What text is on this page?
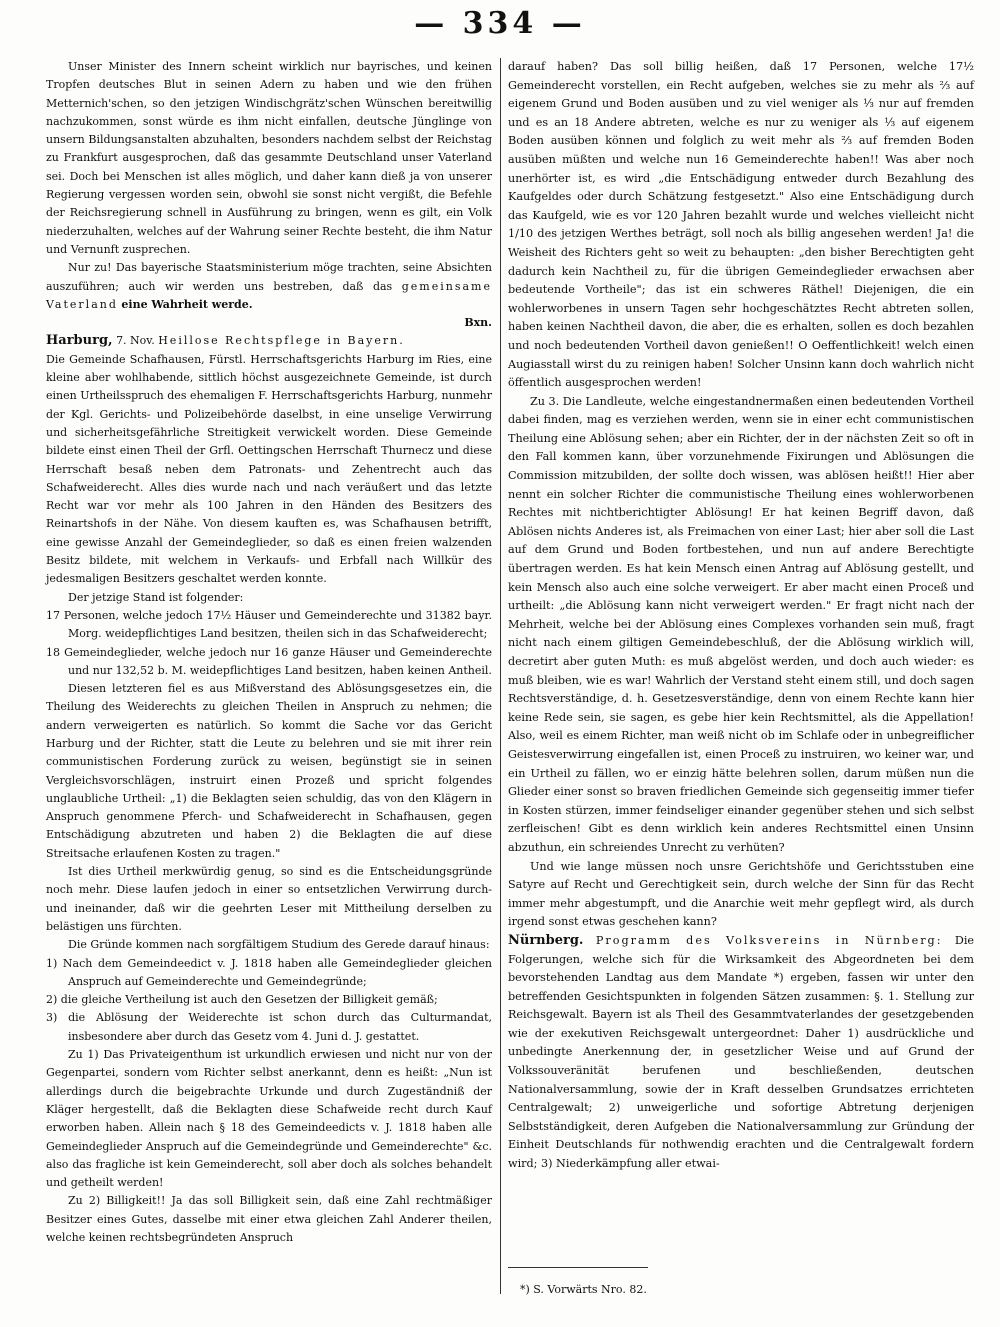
— 334 —

Unser Minister des Innern scheint wirklich nur bayrisches, und keinen Tropfen deutsches Blut in seinen Adern zu haben und wie den frühen Metternich'schen, so den jetzigen Windischgrätz'schen Wünschen bereitwillig nachzukommen, sonst würde es ihm nicht einfallen, deutsche Jünglinge von unsern Bildungsanstalten abzuhalten, besonders nachdem selbst der Reichstag zu Frankfurt ausgesprochen, daß das gesammte Deutschland unser Vaterland sei. Doch bei Menschen ist alles möglich, und daher kann dieß ja von unserer Regierung vergessen worden sein, obwohl sie sonst nicht vergißt, die Befehle der Reichsregierung schnell in Ausführung zu bringen, wenn es gilt, ein Volk niederzuhalten, welches auf der Wahrung seiner Rechte besteht, die ihm Natur und Vernunft zusprechen.

Nur zu! Das bayerische Staatsministerium möge trachten, seine Absichten auszuführen; auch wir werden uns bestreben, daß das gemeinsame Vaterland eine Wahrheit werde.

Bxn.

Harburg, 7. Nov. Heillose Rechtspflege in Bayern.

Die Gemeinde Schafhausen, Fürstl. Herrschaftsgerichts Harburg im Ries, eine kleine aber wohlhabende, sittlich höchst ausgezeichnete Gemeinde, ist durch einen Urtheilsspruch des ehemaligen F. Herrschaftsgerichts Harburg, nunmehr der Kgl. Gerichts- und Polizeibehörde daselbst, in eine unselige Verwirrung und sicherheitsgefährliche Streitigkeit verwickelt worden. Diese Gemeinde bildete einst einen Theil der Grfl. Oettingschen Herrschaft Thurnecz und diese Herrschaft besaß neben dem Patronats- und Zehentrecht auch das Schafweiderecht. Alles dies wurde nach und nach veräußert und das letzte Recht war vor mehr als 100 Jahren in den Händen des Besitzers des Reinartshofs in der Nähe. Von diesem kauften es, was Schafhausen betrifft, eine gewisse Anzahl der Gemeindeglieder, so daß es einen freien walzenden Besitz bildete, mit welchem in Verkaufs- und Erbfall nach Willkür des jedesmaligen Besitzers geschaltet werden konnte.

Der jetzige Stand ist folgender:

17 Personen, welche jedoch 17½ Häuser und Gemeinderechte und 31382 bayr. Morg. weidepflichtiges Land besitzen, theilen sich in das Schafweiderecht;

18 Gemeindeglieder, welche jedoch nur 16 ganze Häuser und Gemeinderechte und nur 132,52 b. M. weidepflichtiges Land besitzen, haben keinen Antheil.

Diesen letzteren fiel es aus Mißverstand des Ablösungsgesetzes ein, die Theilung des Weiderechts zu gleichen Theilen in Anspruch zu nehmen; die andern verweigerten es natürlich. So kommt die Sache vor das Gericht Harburg und der Richter, statt die Leute zu belehren und sie mit ihrer rein communistischen Forderung zurück zu weisen, begünstigt sie in seinen Vergleichsvorschlägen, instruirt einen Prozeß und spricht folgendes unglaubliche Urtheil: „1) die Beklagten seien schuldig, das von den Klägern in Anspruch genommene Pferch- und Schafweiderecht in Schafhausen, gegen Entschädigung abzutreten und haben 2) die Beklagten die auf diese Streitsache erlaufenen Kosten zu tragen."

Ist dies Urtheil merkwürdig genug, so sind es die Entscheidungsgründe noch mehr. Diese laufen jedoch in einer so entsetzlichen Verwirrung durch- und ineinander, daß wir die geehrten Leser mit Mittheilung derselben zu belästigen uns fürchten.

Die Gründe kommen nach sorgfältigem Studium des Gerede darauf hinaus:

1) Nach dem Gemeindeedict v. J. 1818 haben alle Gemeindeglieder gleichen Anspruch auf Gemeinderechte und Gemeindegründe;

2) die gleiche Vertheilung ist auch den Gesetzen der Billigkeit gemäß;

3) die Ablösung der Weiderechte ist schon durch das Culturmandat, insbesondere aber durch das Gesetz vom 4. Juni d. J. gestattet.

Zu 1) Das Privateigenthum ist urkundlich erwiesen und nicht nur von der Gegenpartei, sondern vom Richter selbst anerkannt, denn es heißt: „Nun ist allerdings durch die beigebrachte Urkunde und durch Zugeständniß der Kläger hergestellt, daß die Beklagten diese Schafweide recht durch Kauf erworben haben. Allein nach § 18 des Gemeindeedicts v. J. 1818 haben alle Gemeindeglieder Anspruch auf die Gemeindegründe und Gemeinderechte" &c. also das fragliche ist kein Gemeinderecht, soll aber doch als solches behandelt und getheilt werden!

Zu 2) Billigkeit!! Ja das soll Billigkeit sein, daß eine Zahl rechtmäßiger Besitzer eines Gutes, dasselbe mit einer etwa gleichen Zahl Anderer theilen, welche keinen rechtsbegründeten Anspruch

darauf haben? Das soll billig heißen, daß 17 Personen, welche 17½ Gemeinderecht vorstellen, ein Recht aufgeben, welches sie zu mehr als ⅔ auf eigenem Grund und Boden ausüben und zu viel weniger als ⅓ nur auf fremden und es an 18 Andere abtreten, welche es nur zu weniger als ⅓ auf eigenem Boden ausüben können und folglich zu weit mehr als ⅔ auf fremden Boden ausüben müßten und welche nun 16 Gemeinderechte haben!! Was aber noch unerhörter ist, es wird „die Entschädigung entweder durch Bezahlung des Kaufgeldes oder durch Schätzung festgesetzt." Also eine Entschädigung durch das Kaufgeld, wie es vor 120 Jahren bezahlt wurde und welches vielleicht nicht 1/10 des jetzigen Werthes beträgt, soll noch als billig angesehen werden! Ja! die Weisheit des Richters geht so weit zu behaupten: „den bisher Berechtigten geht dadurch kein Nachtheil zu, für die übrigen Gemeindeglieder erwachsen aber bedeutende Vortheile"; das ist ein schweres Räthel! Diejenigen, die ein wohlerworbenes in unsern Tagen sehr hochgeschätztes Recht abtreten sollen, haben keinen Nachtheil davon, die aber, die es erhalten, sollen es doch bezahlen und noch bedeutenden Vortheil davon genießen!! O Oeffentlichkeit! welch einen Augiasstall wirst du zu reinigen haben! Solcher Unsinn kann doch wahrlich nicht öffentlich ausgesprochen werden!

Zu 3. Die Landleute, welche eingestandnermaßen einen bedeutenden Vortheil dabei finden, mag es verziehen werden, wenn sie in einer echt communistischen Theilung eine Ablösung sehen; aber ein Richter, der in der nächsten Zeit so oft in den Fall kommen kann, über vorzunehmende Fixirungen und Ablösungen die Commission mitzubilden, der sollte doch wissen, was ablösen heißt!! Hier aber nennt ein solcher Richter die communistische Theilung eines wohlerworbenen Rechtes mit nichtberichtigter Ablösung! Er hat keinen Begriff davon, daß Ablösen nichts Anderes ist, als Freimachen von einer Last; hier aber soll die Last auf dem Grund und Boden fortbestehen, und nun auf andere Berechtigte übertragen werden. Es hat kein Mensch einen Antrag auf Ablösung gestellt, und kein Mensch also auch eine solche verweigert. Er aber macht einen Proceß und urtheilt: „die Ablösung kann nicht verweigert werden." Er fragt nicht nach der Mehrheit, welche bei der Ablösung eines Complexes vorhanden sein muß, fragt nicht nach einem giltigen Gemeindebeschluß, der die Ablösung wirklich will, decretirt aber guten Muth: es muß abgelöst werden, und doch auch wieder: es muß bleiben, wie es war! Wahrlich der Verstand steht einem still, und doch sagen Rechtsverständige, d. h. Gesetzesverständige, denn von einem Rechte kann hier keine Rede sein, sie sagen, es gebe hier kein Rechtsmittel, als die Appellation! Also, weil es einem Richter, man weiß nicht ob im Schlafe oder in unbegreiflicher Geistesverwirrung eingefallen ist, einen Proceß zu instruiren, wo keiner war, und ein Urtheil zu fällen, wo er einzig hätte belehren sollen, darum müßen nun die Glieder einer sonst so braven friedlichen Gemeinde sich gegenseitig immer tiefer in Kosten stürzen, immer feindseliger einander gegenüber stehen und sich selbst zerfleischen! Gibt es denn wirklich kein anderes Rechtsmittel einen Unsinn abzuthun, ein schreiendes Unrecht zu verhüten?

Und wie lange müssen noch unsre Gerichtshöfe und Gerichtsstuben eine Satyre auf Recht und Gerechtigkeit sein, durch welche der Sinn für das Recht immer mehr abgestumpft, und die Anarchie weit mehr gepflegt wird, als durch irgend sonst etwas geschehen kann?

Nürnberg. Programm des Volksvereins in Nürnberg: Die Folgerungen, welche sich für die Wirksamkeit des Abgeordneten bei dem bevorstehenden Landtag aus dem Mandate *) ergeben, fassen wir unter den betreffenden Gesichtspunkten in folgenden Sätzen zusammen: §. 1. Stellung zur Reichsgewalt. Bayern ist als Theil des Gesammtvaterlandes der gesetzgebenden wie der exekutiven Reichsgewalt untergeordnet: Daher 1) ausdrückliche und unbedingte Anerkennung der, in gesetzlicher Weise und auf Grund der Volkssouveränität berufenen und beschließenden, deutschen Nationalversammlung, sowie der in Kraft desselben Grundsatzes errichteten Centralgewalt; 2) unweigerliche und sofortige Abtretung derjenigen Selbstständigkeit, deren Aufgeben die Nationalversammlung zur Gründung der Einheit Deutschlands für nothwendig erachten und die Centralgewalt fordern wird; 3) Niederkämpfung aller etwai-

*) S. Vorwärts Nro. 82.
